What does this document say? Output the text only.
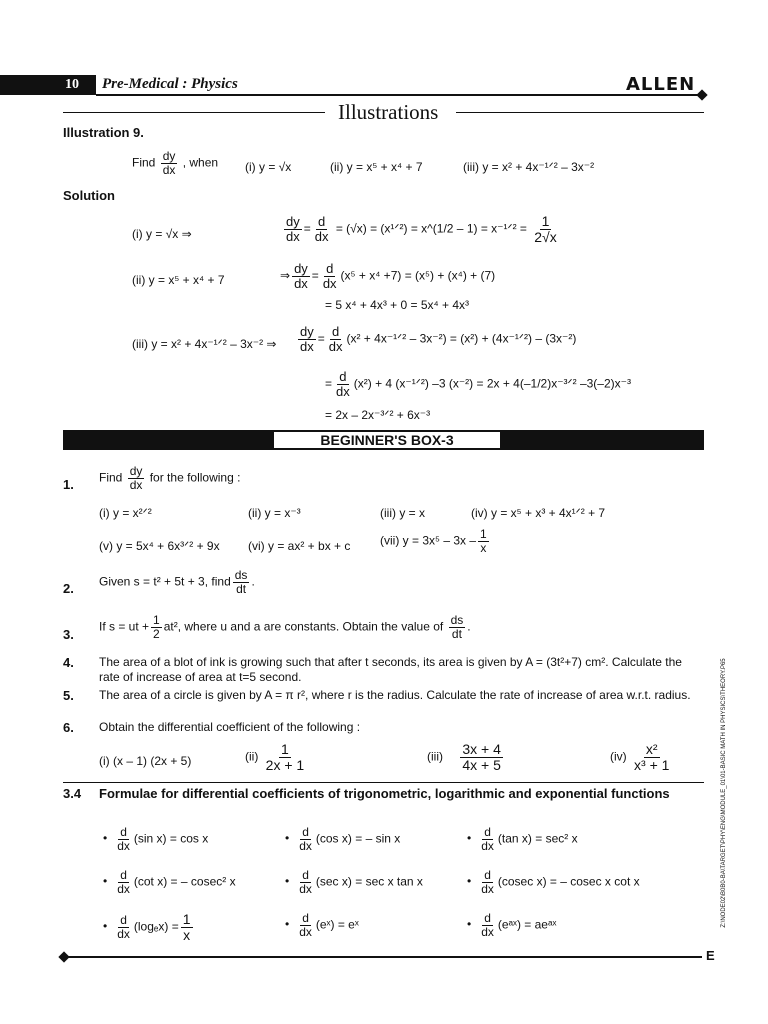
10	Pre-Medical : Physics	ALLEN
Illustrations
Illustration 9.
Find $\frac{dy}{dx}$ , when (i) y = √x	(ii) y = x⁵ + x⁴ + 7	(iii) y = x² + 4x⁻¹ᐟ² – 3x⁻²
Solution
(i) y = √x ⇒	$\frac{dy}{dx} = \frac{d}{dx} = (√x)$ = (x¹ᐟ²) = x^(1/2 – 1) = x⁻¹ᐟ² = $\frac{1}{2√x}$
(ii) y = x⁵ + x⁴ + 7	⇒ $\frac{dy}{dx} = \frac{d}{dx} (x^5 + x^4 +7) = (x^5) + (x^4) + (7)$
= 5 x⁴ + 4x³ + 0 = 5x⁴ + 4x³
(iii) y = x² + 4x⁻¹ᐟ² – 3x⁻² ⇒ $\frac{dy}{dx} = \frac{d}{dx} (x^2$ + 4x⁻¹ᐟ² – 3x⁻²) = (x²) + (4x⁻¹ᐟ²) – (3x⁻²)
= $\frac{d}{dx} (x^2) + 4$ (x⁻¹ᐟ²) –3 (x⁻²) = 2x + 4(–1/2)x⁻³ᐟ² –3(–2)x⁻³
= 2x – 2x⁻³ᐟ² + 6x⁻³
BEGINNER'S BOX-3
1. Find $\frac{dy}{dx}$ for the following :
(i) y = x²ᐟ²	(ii) y = x⁻³	(iii) y = x	(iv) y = x⁵ + x³ + 4x¹ᐟ² + 7
(v) y = 5x⁴ + 6x³ᐟ² + 9x (vi) y = ax² + bx + c (vii) $y = 3x^5 - 3x - \frac{1}{x}$
2. Given s = t² + 5t + 3, find $\frac{ds}{dt}$ .
3.
If s = ut + $\frac{1}{2} at^2$, where u and a are constants. Obtain the value of $\frac{ds}{dt}$ .
4. The area of a blot of ink is growing such that after t seconds, its area is given by A = (3t²+7) cm². Calculate the rate of increase of area at t=5 second.
5. The area of a circle is given by A = π r², where r is the radius. Calculate the rate of increase of area w.r.t. radius.
6. Obtain the differential coefficient of the following :
(i) (x – 1) (2x + 5)	$(ii) \frac{1}{2x + 1}$	$(iii) \frac{3x + 4}{4x + 5}$	$(iv) \frac{\text{x²}}{\text{x³ + 1}}$
3.4 Formulae for differential coefficients of trigonometric, logarithmic and exponential functions
• $\frac{d}{dx} (\sin$ x) = cos x	• $\frac{d}{dx} (\cos$ x) = – sin x	• $\frac{d}{dx} (\tan$ x) = sec² x
• $\frac{d}{dx} (\cot$ x) = – cosec² x	• $\frac{d}{dx} (\sec$ x) = sec x tan x	• $\frac{d}{dx} (cosec$ x) = – cosec x cot x
• $\frac{d}{dx} (\log_ex) = \frac{1}{x}$	• $\frac{d}{dx}$ (eˣ) = eˣ	• $\frac{d}{dx}$ (eᵃˣ) = aeᵃˣ	Z:\NODE02\B0B0-BA\TARGET\PHY\ENG\MODULE_01\01-BASIC MATH IN PHYSICS\THEORY.P65
E
